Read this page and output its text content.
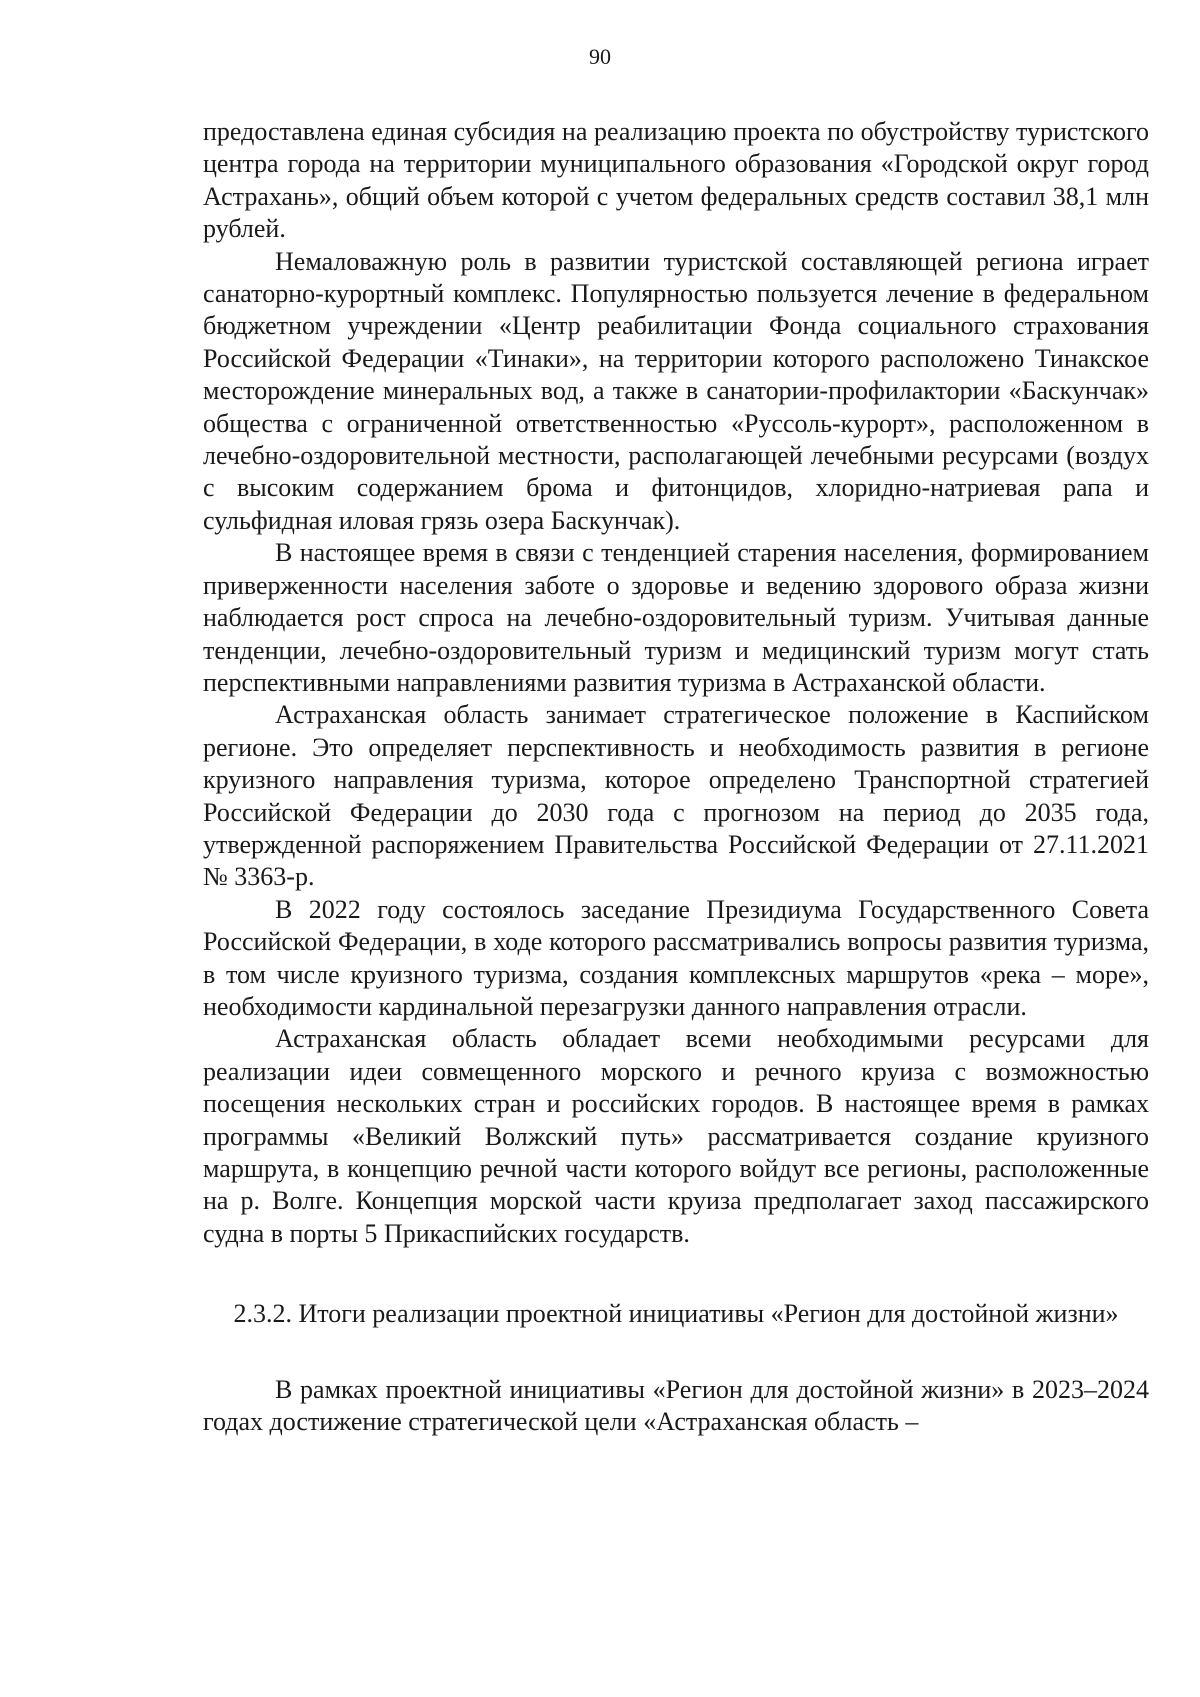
90

предоставлена единая субсидия на реализацию проекта по обустройству туристского центра города на территории муниципального образования «Городской округ город Астрахань», общий объем которой с учетом федеральных средств составил 38,1 млн рублей.

Немаловажную роль в развитии туристской составляющей региона играет санаторно-курортный комплекс. Популярностью пользуется лечение в федеральном бюджетном учреждении «Центр реабилитации Фонда социального страхования Российской Федерации «Тинаки», на территории которого расположено Тинакское месторождение минеральных вод, а также в санатории-профилактории «Баскунчак» общества с ограниченной ответственностью «Руссоль-курорт», расположенном в лечебно-оздоровительной местности, располагающей лечебными ресурсами (воздух с высоким содержанием брома и фитонцидов, хлоридно-натриевая рапа и сульфидная иловая грязь озера Баскунчак).

В настоящее время в связи с тенденцией старения населения, формированием приверженности населения заботе о здоровье и ведению здорового образа жизни наблюдается рост спроса на лечебно-оздоровительный туризм. Учитывая данные тенденции, лечебно-оздоровительный туризм и медицинский туризм могут стать перспективными направлениями развития туризма в Астраханской области.

Астраханская область занимает стратегическое положение в Каспийском регионе. Это определяет перспективность и необходимость развития в регионе круизного направления туризма, которое определено Транспортной стратегией Российской Федерации до 2030 года с прогнозом на период до 2035 года, утвержденной распоряжением Правительства Российской Федерации от 27.11.2021 № 3363-р.

В 2022 году состоялось заседание Президиума Государственного Совета Российской Федерации, в ходе которого рассматривались вопросы развития туризма, в том числе круизного туризма, создания комплексных маршрутов «река – море», необходимости кардинальной перезагрузки данного направления отрасли.

Астраханская область обладает всеми необходимыми ресурсами для реализации идеи совмещенного морского и речного круиза с возможностью посещения нескольких стран и российских городов. В настоящее время в рамках программы «Великий Волжский путь» рассматривается создание круизного маршрута, в концепцию речной части которого войдут все регионы, расположенные на р. Волге. Концепция морской части круиза предполагает заход пассажирского судна в порты 5 Прикаспийских государств.

2.3.2. Итоги реализации проектной инициативы «Регион для достойной жизни»

В рамках проектной инициативы «Регион для достойной жизни» в 2023–2024 годах достижение стратегической цели «Астраханская область –
